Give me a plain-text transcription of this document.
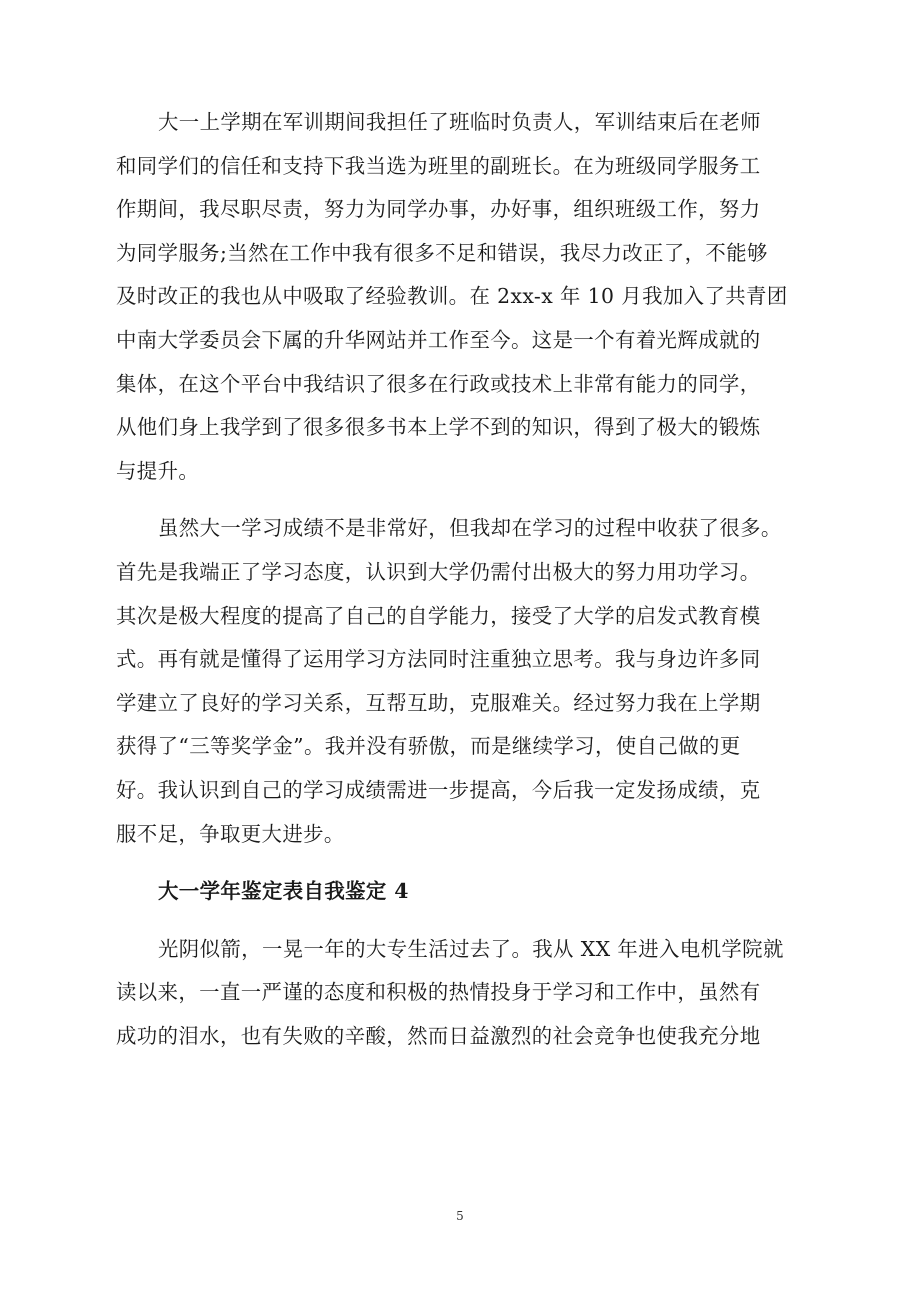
大一上学期在军训期间我担任了班临时负责人，军训结束后在老师
和同学们的信任和支持下我当选为班里的副班长。在为班级同学服务工
作期间，我尽职尽责，努力为同学办事，办好事，组织班级工作，努力
为同学服务;当然在工作中我有很多不足和错误，我尽力改正了，不能够
及时改正的我也从中吸取了经验教训。在 2xx-x 年 10 月我加入了共青团
中南大学委员会下属的升华网站并工作至今。这是一个有着光辉成就的
集体，在这个平台中我结识了很多在行政或技术上非常有能力的同学，
从他们身上我学到了很多很多书本上学不到的知识，得到了极大的锻炼
与提升。

虽然大一学习成绩不是非常好，但我却在学习的过程中收获了很多。
首先是我端正了学习态度，认识到大学仍需付出极大的努力用功学习。
其次是极大程度的提高了自己的自学能力，接受了大学的启发式教育模
式。再有就是懂得了运用学习方法同时注重独立思考。我与身边许多同
学建立了良好的学习关系，互帮互助，克服难关。经过努力我在上学期
获得了“三等奖学金”。我并没有骄傲，而是继续学习，使自己做的更
好。我认识到自己的学习成绩需进一步提高，今后我一定发扬成绩，克
服不足，争取更大进步。

大一学年鉴定表自我鉴定 4

光阴似箭，一晃一年的大专生活过去了。我从 XX 年进入电机学院就
读以来，一直一严谨的态度和积极的热情投身于学习和工作中，虽然有
成功的泪水，也有失败的辛酸，然而日益激烈的社会竞争也使我充分地

5
